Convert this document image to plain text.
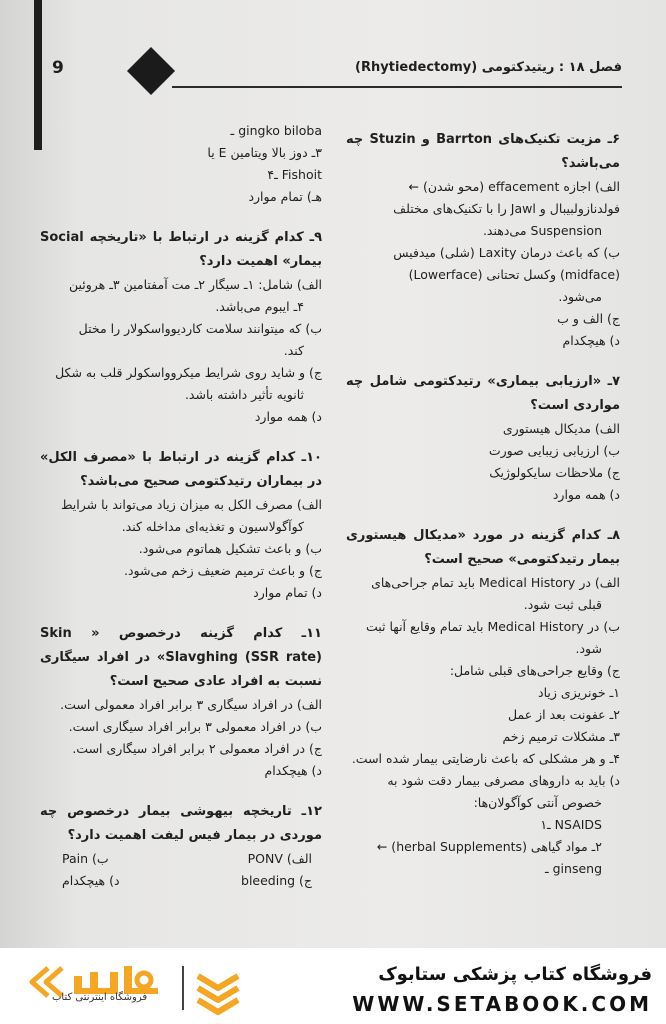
9	فصل ۱۸ : ریتیدکتومی (Rhytiedectomy)
۶ـ مزیت تکنیک‌های Barrton و Stuzin چه می‌باشد؟
الف) اجازه effacement (محو شدن) ← فولدنازولبیبال و Jawl را با تکنیک‌های مختلف
Suspension می‌دهند.
ب) که باعث درمان Laxity (شلی) میدفیس (midface) وکسل تحتانی (Lowerface)
می‌شود.
ج) الف و ب
د) هیچکدام
۷ـ «ارزیابی بیماری» رتیدکتومی شامل چه مواردی است؟
الف) مدیکال هیستوری
ب) ارزیابی زیبایی صورت
ج) ملاحظات سایکولوژیک
د) همه موارد
۸ـ کدام گزینه در مورد «مدیکال هیستوری بیمار رتیدکتومی» صحیح است؟
الف) در Medical History باید تمام جراحی‌های
قبلی ثبت شود.
ب) در Medical History باید تمام وقایع آنها ثبت
شود.
ج) وقایع جراحی‌های قبلی شامل:
۱ـ خونریزی زیاد
۲ـ عفونت بعد از عمل
۳ـ مشکلات ترمیم زخم
۴ـ و هر مشکلی که باعث نارضایتی بیمار شده است.
د) باید به داروهای مصرفی بیمار دقت شود به
خصوص آنتی کوآگولان‌ها:
NSAIDS ـ۱
۲ـ مواد گیاهی (herbal Supplements) ←
ginseng ـ
gingko biloba ـ
۳ـ دوز بالا ویتامین E یا
Fishoit ـ۴
هـ) تمام موارد
۹ـ کدام گزینه در ارتباط با «تاریخچه Social بیمار» اهمیت دارد؟
الف) شامل: ۱ـ سیگار ۲ـ مت آمفتامین ۳ـ هروئین
۴ـ ایبوم می‌باشد.
ب) که میتوانند سلامت کاردیوواسکولار را مختل
کند.
ج) و شاید روی شرایط میکروواسکولر قلب به شکل
ثانویه تأثیر داشته باشد.
د) همه موارد
۱۰ـ کدام گزینه در ارتباط با «مصرف الکل» در بیماران رتیدکتومی صحیح می‌باشد؟
الف) مصرف الکل به میزان زیاد می‌تواند با شرایط
کوآگولاسیون و تغذیه‌ای مداخله کند.
ب) و باعث تشکیل هماتوم می‌شود.
ج) و باعث ترمیم ضعیف زخم می‌شود.
د) تمام موارد
۱۱ـ کدام گزینه درخصوص « Skin Slavghing (SSR rate)» در افراد سیگاری نسبت به افراد عادی صحیح است؟
الف) در افراد سیگاری ۳ برابر افراد معمولی است.
ب) در افراد معمولی ۳ برابر افراد سیگاری است.
ج) در افراد معمولی ۲ برابر افراد سیگاری است.
د) هیچکدام
۱۲ـ تاریخچه بیهوشی بیمار درخصوص چه موردی در بیمار فیس لیفت اهمیت دارد؟
الف) PONV
ب) Pain
ج) bleeding
د) هیچکدام
فروشگاه اینترنتی کتاب
فروشگاه کتاب پزشکی ستابوک
WWW.SETABOOK.COM
